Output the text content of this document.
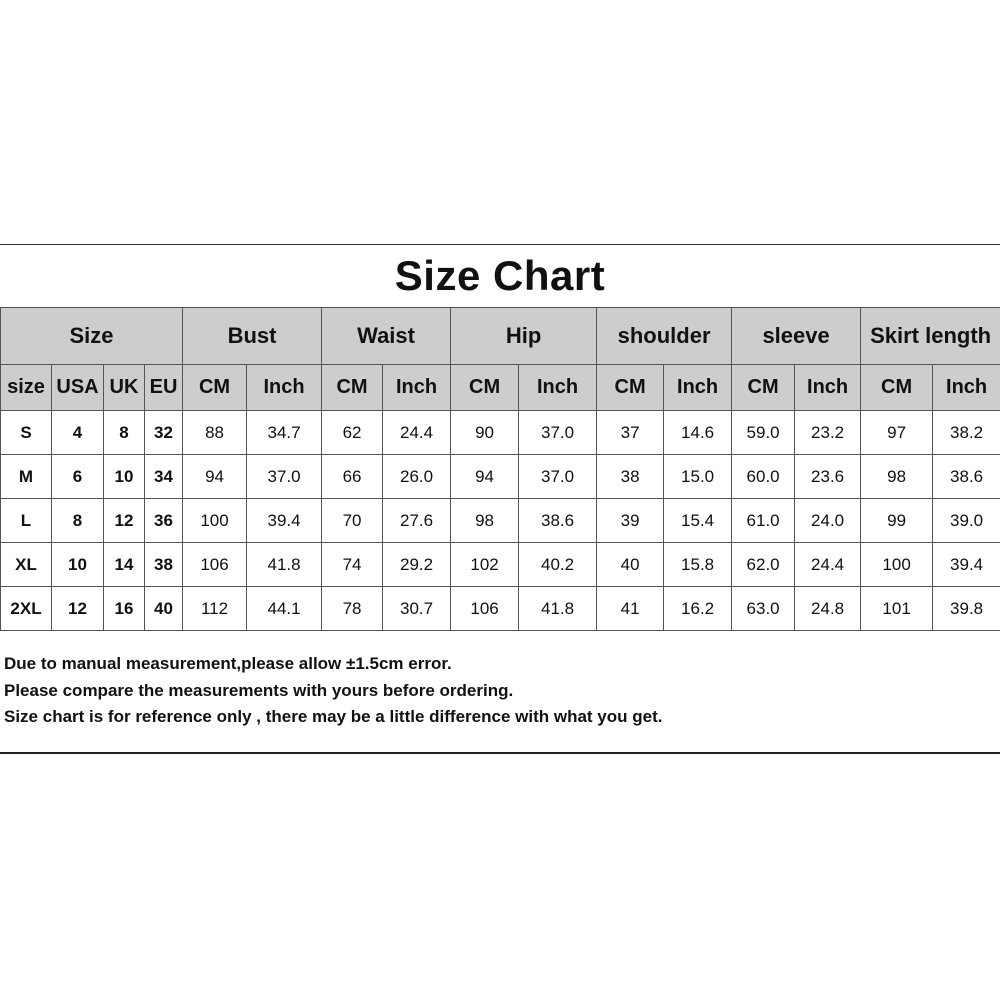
Size Chart
Size				Bust		Waist		Hip		shoulder		sleeve		Skirt length	
size	USA	UK	EU	CM	Inch	CM	Inch	CM	Inch	CM	Inch	CM	Inch	CM	Inch
S	4	8	32	88	34.7	62	24.4	90	37.0	37	14.6	59.0	23.2	97	38.2
M	6	10	34	94	37.0	66	26.0	94	37.0	38	15.0	60.0	23.6	98	38.6
L	8	12	36	100	39.4	70	27.6	98	38.6	39	15.4	61.0	24.0	99	39.0
XL	10	14	38	106	41.8	74	29.2	102	40.2	40	15.8	62.0	24.4	100	39.4
2XL	12	16	40	112	44.1	78	30.7	106	41.8	41	16.2	63.0	24.8	101	39.8
Due to manual measurement,please allow ±1.5cm error.
Please compare the measurements with yours before ordering.
Size chart is for reference only , there may be a little difference with what you get.
